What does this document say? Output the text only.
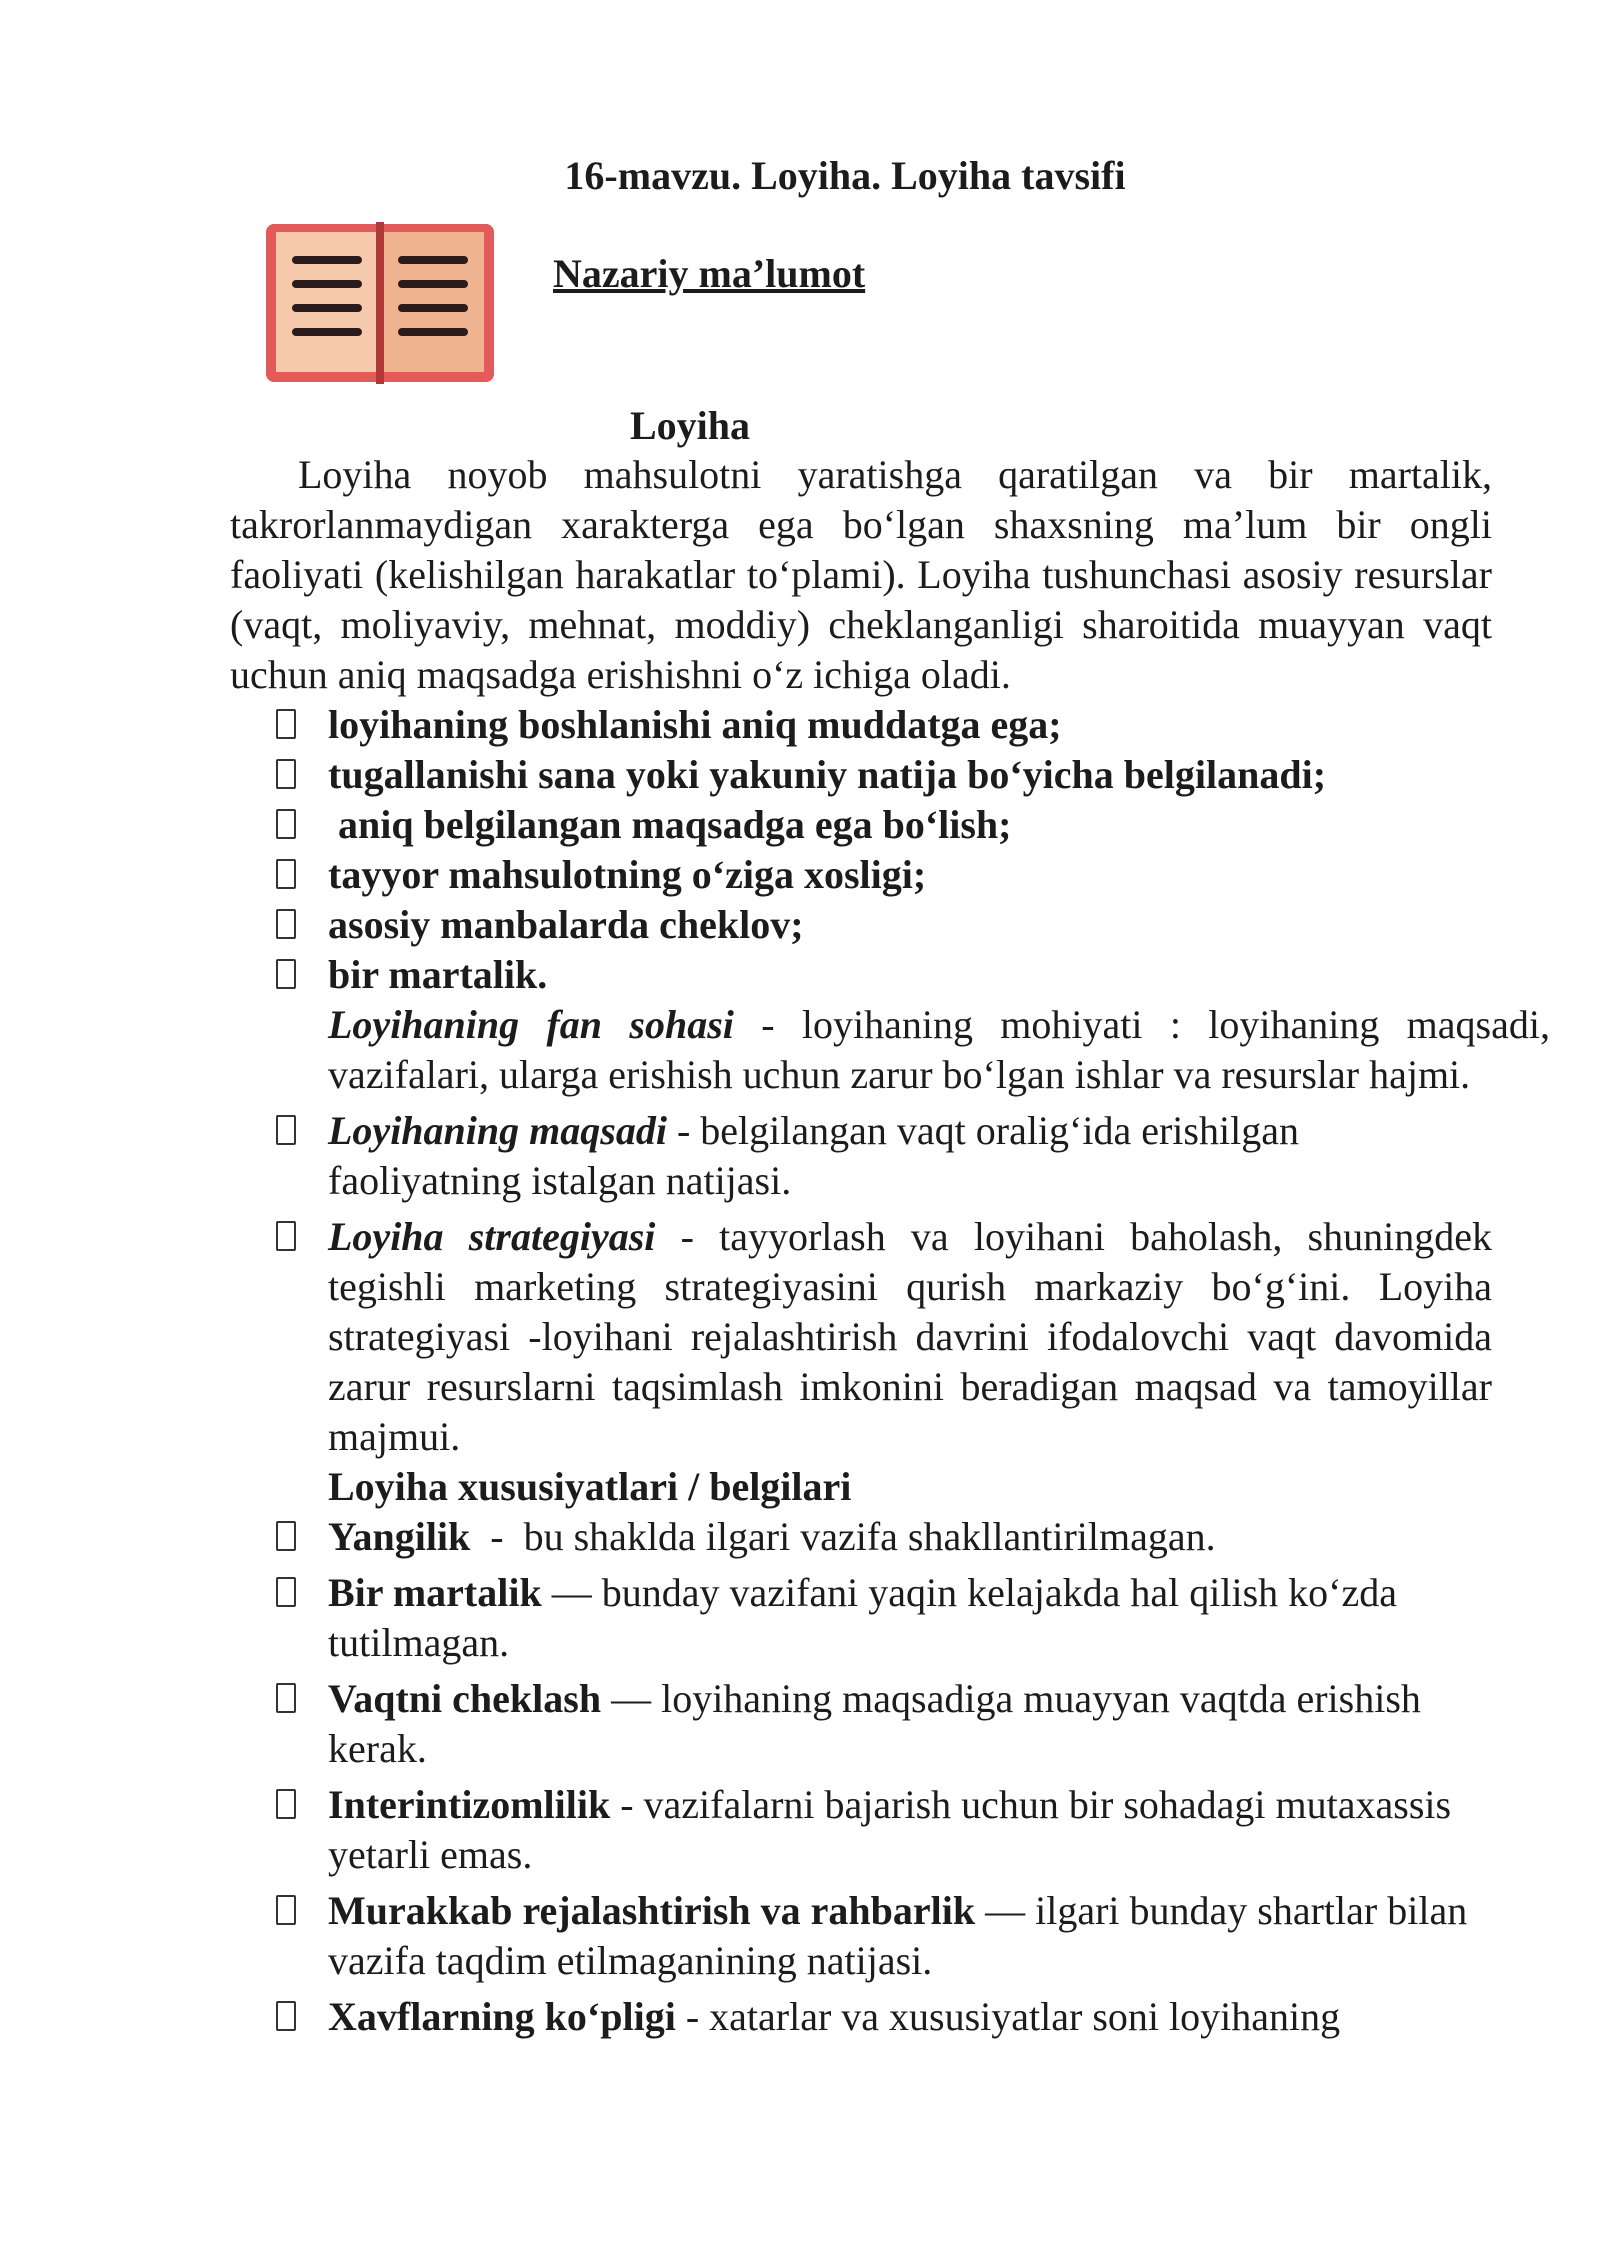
16-mavzu. Loyiha. Loyiha tavsifi
Nazariy ma’lumot
Loyiha

Loyiha noyob mahsulotni yaratishga qaratilgan va bir martalik, takrorlanmaydigan xarakterga ega bo‘lgan shaxsning ma’lum bir ongli faoliyati (kelishilgan harakatlar to‘plami). Loyiha tushunchasi asosiy resurslar (vaqt, moliyaviy, mehnat, moddiy) cheklanganligi sharoitida muayyan vaqt uchun aniq maqsadga erishishni o‘z ichiga oladi.

loyihaning boshlanishi aniq muddatga ega;
tugallanishi sana yoki yakuniy natija bo‘yicha belgilanadi;
aniq belgilangan maqsadga ega bo‘lish;
tayyor mahsulotning o‘ziga xosligi;
asosiy manbalarda cheklov;
bir martalik.

Loyihaning fan sohasi - loyihaning mohiyati : loyihaning maqsadi, vazifalari, ularga erishish uchun zarur bo‘lgan ishlar va resurslar hajmi.

Loyihaning maqsadi - belgilangan vaqt oralig‘ida erishilgan faoliyatning istalgan natijasi.
Loyiha strategiyasi - tayyorlash va loyihani baholash, shuningdek tegishli marketing strategiyasini qurish markaziy bo‘g‘ini. Loyiha strategiyasi -loyihani rejalashtirish davrini ifodalovchi vaqt davomida zarur resurslarni taqsimlash imkonini beradigan maqsad va tamoyillar majmui.

Loyiha xususiyatlari / belgilari

Yangilik  -  bu shaklda ilgari vazifa shakllantirilmagan.
Bir martalik — bunday vazifani yaqin kelajakda hal qilish ko‘zda tutilmagan.
Vaqtni cheklash — loyihaning maqsadiga muayyan vaqtda erishish kerak.
Interintizomlilik - vazifalarni bajarish uchun bir sohadagi mutaxassis yetarli emas.
Murakkab rejalashtirish va rahbarlik — ilgari bunday shartlar bilan vazifa taqdim etilmaganining natijasi.
Xavflarning ko‘pligi - xatarlar va xususiyatlar soni loyihaning
